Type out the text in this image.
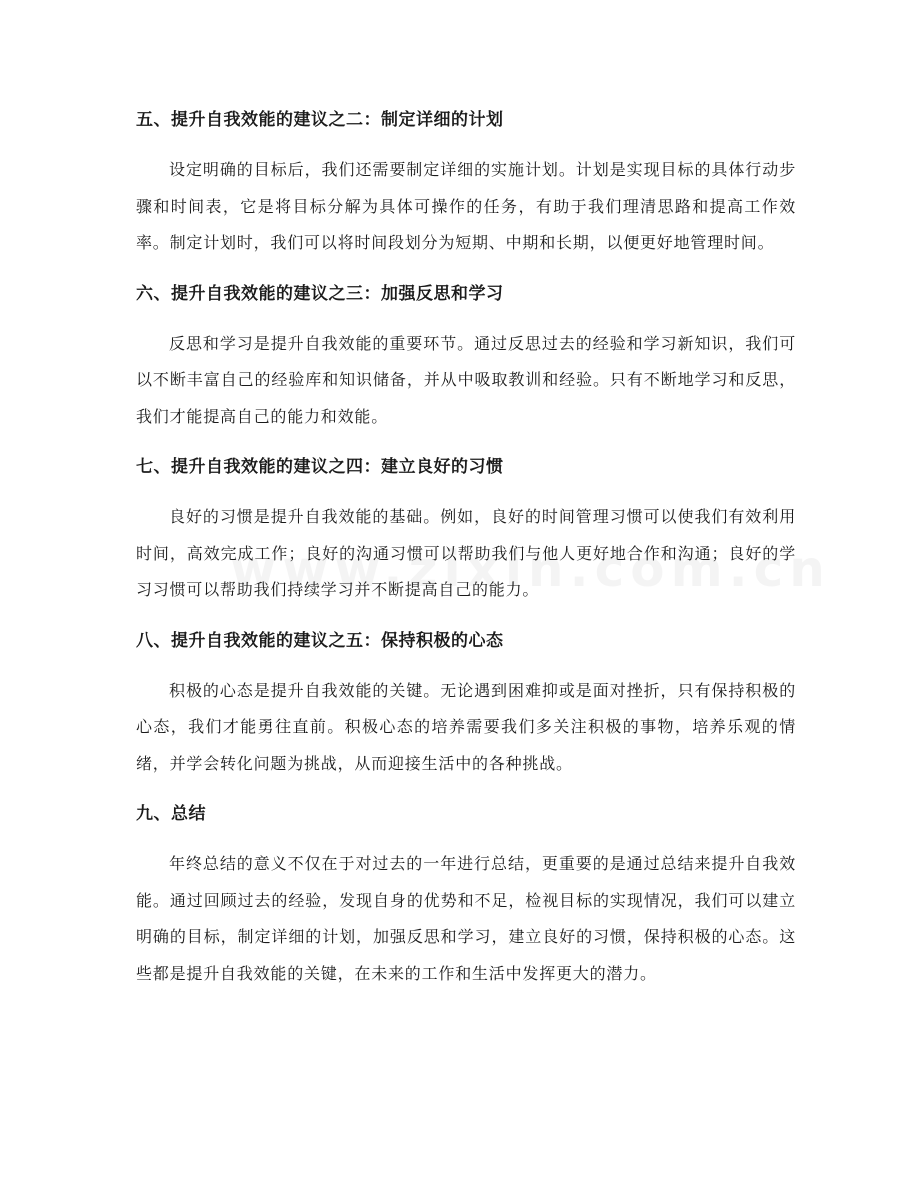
五、提升自我效能的建议之二：制定详细的计划

设定明确的目标后，我们还需要制定详细的实施计划。计划是实现目标的具体行动步骤和时间表，它是将目标分解为具体可操作的任务，有助于我们理清思路和提高工作效率。制定计划时，我们可以将时间段划分为短期、中期和长期，以便更好地管理时间。

六、提升自我效能的建议之三：加强反思和学习

反思和学习是提升自我效能的重要环节。通过反思过去的经验和学习新知识，我们可以不断丰富自己的经验库和知识储备，并从中吸取教训和经验。只有不断地学习和反思，我们才能提高自己的能力和效能。

七、提升自我效能的建议之四：建立良好的习惯

良好的习惯是提升自我效能的基础。例如，良好的时间管理习惯可以使我们有效利用时间，高效完成工作；良好的沟通习惯可以帮助我们与他人更好地合作和沟通；良好的学习习惯可以帮助我们持续学习并不断提高自己的能力。

八、提升自我效能的建议之五：保持积极的心态

积极的心态是提升自我效能的关键。无论遇到困难抑或是面对挫折，只有保持积极的心态，我们才能勇往直前。积极心态的培养需要我们多关注积极的事物，培养乐观的情绪，并学会转化问题为挑战，从而迎接生活中的各种挑战。

九、总结

年终总结的意义不仅在于对过去的一年进行总结，更重要的是通过总结来提升自我效能。通过回顾过去的经验，发现自身的优势和不足，检视目标的实现情况，我们可以建立明确的目标，制定详细的计划，加强反思和学习，建立良好的习惯，保持积极的心态。这些都是提升自我效能的关键，在未来的工作和生活中发挥更大的潜力。
